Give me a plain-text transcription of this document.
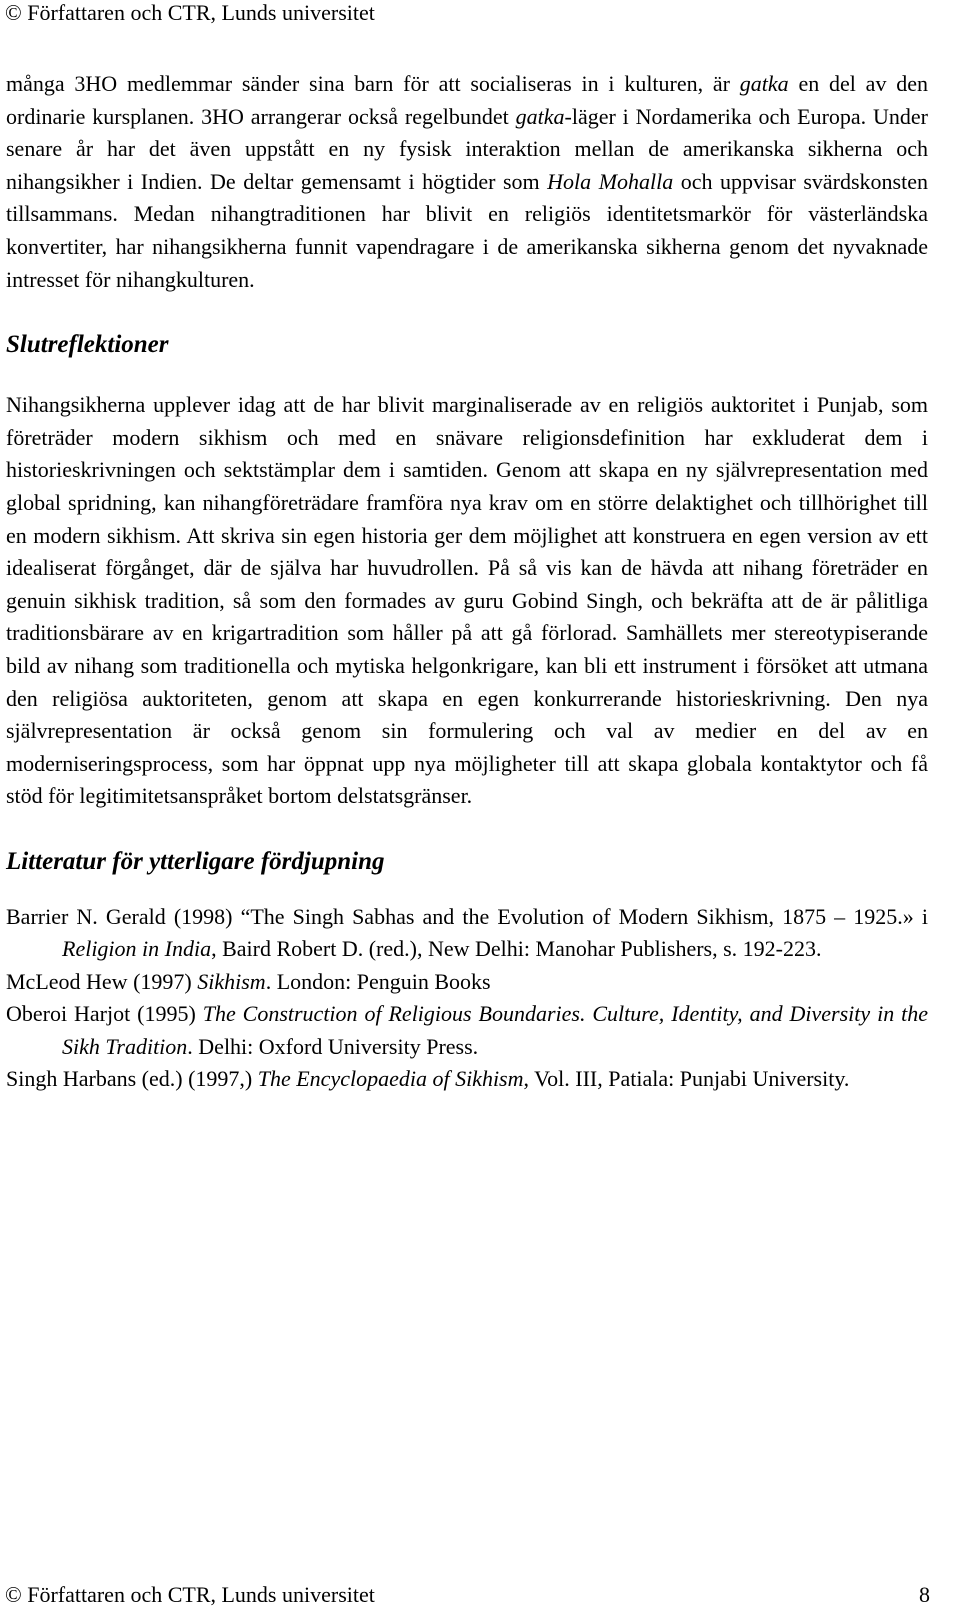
© Författaren och CTR, Lunds universitet

många 3HO medlemmar sänder sina barn för att socialiseras in i kulturen, är gatka en del av den ordinarie kursplanen. 3HO arrangerar också regelbundet gatka-läger i Nordamerika och Europa. Under senare år har det även uppstått en ny fysisk interaktion mellan de amerikanska sikherna och nihangsikher i Indien. De deltar gemensamt i högtider som Hola Mohalla och uppvisar svärdskonsten tillsammans. Medan nihangtraditionen har blivit en religiös identitetsmarkör för västerländska konvertiter, har nihangsikherna funnit vapendragare i de amerikanska sikherna genom det nyvaknade intresset för nihangkulturen.

Slutreflektioner

Nihangsikherna upplever idag att de har blivit marginaliserade av en religiös auktoritet i Punjab, som företräder modern sikhism och med en snävare religionsdefinition har exkluderat dem i historieskrivningen och sektstämplar dem i samtiden. Genom att skapa en ny självrepresentation med global spridning, kan nihangföreträdare framföra nya krav om en större delaktighet och tillhörighet till en modern sikhism. Att skriva sin egen historia ger dem möjlighet att konstruera en egen version av ett idealiserat förgånget, där de själva har huvudrollen. På så vis kan de hävda att nihang företräder en genuin sikhisk tradition, så som den formades av guru Gobind Singh, och bekräfta att de är pålitliga traditionsbärare av en krigartradition som håller på att gå förlorad. Samhällets mer stereotypiserande bild av nihang som traditionella och mytiska helgonkrigare, kan bli ett instrument i försöket att utmana den religiösa auktoriteten, genom att skapa en egen konkurrerande historieskrivning. Den nya självrepresentation är också genom sin formulering och val av medier en del av en moderniseringsprocess, som har öppnat upp nya möjligheter till att skapa globala kontaktytor och få stöd för legitimitetsanspråket bortom delstatsgränser.

Litteratur för ytterligare fördjupning
Barrier N. Gerald (1998) “The Singh Sabhas and the Evolution of Modern Sikhism, 1875 – 1925.» i Religion in India, Baird Robert D. (red.), New Delhi: Manohar Publishers, s. 192-223.
McLeod Hew (1997) Sikhism. London: Penguin Books
Oberoi Harjot (1995) The Construction of Religious Boundaries. Culture, Identity, and Diversity in the Sikh Tradition. Delhi: Oxford University Press.
Singh Harbans (ed.) (1997,) The Encyclopaedia of Sikhism, Vol. III, Patiala: Punjabi University.
© Författaren och CTR, Lunds universitet	8
